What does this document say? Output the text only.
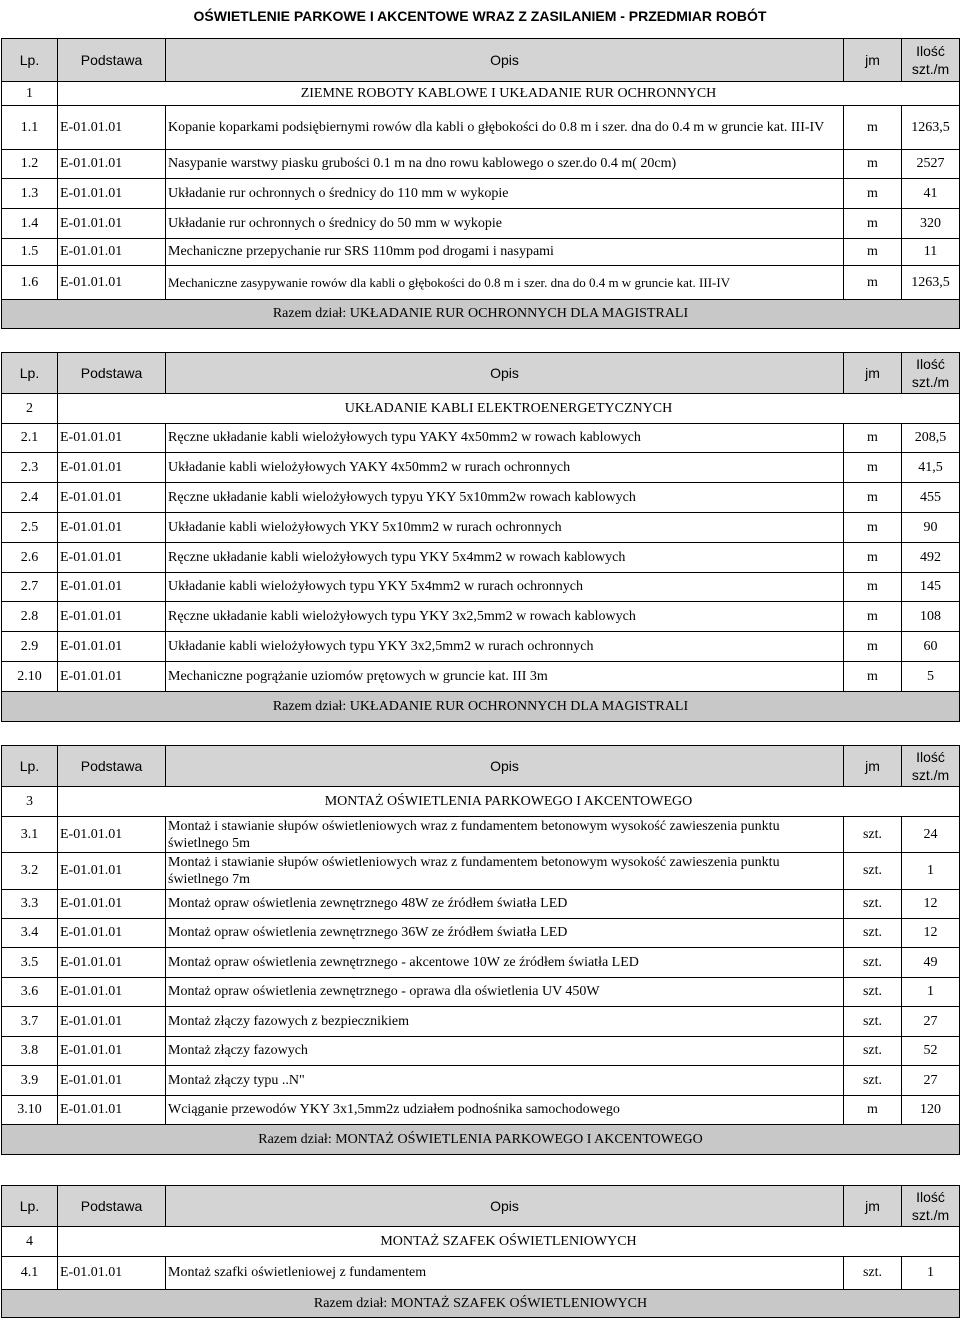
OŚWIETLENIE PARKOWE I AKCENTOWE WRAZ Z ZASILANIEM - PRZEDMIAR ROBÓT
Lp.	Podstawa	Opis	jm	Ilość
szt./m

1	ZIEMNE ROBOTY KABLOWE I UKŁADANIE RUR OCHRONNYCH			
1.1	E-01.01.01	Kopanie koparkami podsiębiernymi rowów dla kabli o głębokości do 0.8 m i szer. dna do 0.4 m w gruncie kat. III-IV	m	1263,5

1.2	E-01.01.01	Nasypanie warstwy piasku grubości 0.1 m na dno rowu kablowego o szer.do 0.4 m( 20cm)	m	2527
1.3	E-01.01.01	Układanie rur ochronnych o średnicy do 110 mm w wykopie	m	41
1.4	E-01.01.01	Układanie rur ochronnych o średnicy do 50 mm w wykopie	m	320
1.5	E-01.01.01	Mechaniczne przepychanie rur SRS 110mm pod drogami i nasypami	m	11
1.6	E-01.01.01	Mechaniczne zasypywanie rowów dla kabli o głębokości do 0.8 m i szer. dna do 0.4 m w gruncie kat. III-IV	m	1263,5
Razem dział: UKŁADANIE RUR OCHRONNYCH DLA MAGISTRALI				
Lp.	Podstawa	Opis	jm	Ilość
szt./m

2	UKŁADANIE KABLI ELEKTROENERGETYCZNYCH			
2.1	E-01.01.01	Ręczne układanie kabli wielożyłowych typu YAKY 4x50mm2 w rowach kablowych	m	208,5
2.3	E-01.01.01	Układanie kabli wielożyłowych YAKY 4x50mm2 w rurach ochronnych	m	41,5
2.4	E-01.01.01	Ręczne układanie kabli wielożyłowych typyu YKY 5x10mm2w rowach kablowych	m	455
2.5	E-01.01.01	Układanie kabli wielożyłowych YKY 5x10mm2 w rurach ochronnych	m	90
2.6	E-01.01.01	Ręczne układanie kabli wielożyłowych typu YKY 5x4mm2 w rowach kablowych	m	492
2.7	E-01.01.01	Układanie kabli wielożyłowych typu YKY 5x4mm2 w rurach ochronnych	m	145
2.8	E-01.01.01	Ręczne układanie kabli wielożyłowych typu YKY 3x2,5mm2 w rowach kablowych	m	108
2.9	E-01.01.01	Układanie kabli wielożyłowych typu YKY 3x2,5mm2 w rurach ochronnych	m	60
2.10	E-01.01.01	Mechaniczne pogrążanie uziomów prętowych w gruncie kat. III 3m	m	5
Razem dział: UKŁADANIE RUR OCHRONNYCH DLA MAGISTRALI				
Lp.	Podstawa	Opis	jm	Ilość
szt./m

3	MONTAŻ OŚWIETLENIA PARKOWEGO I AKCENTOWEGO			
3.1	E-01.01.01	Montaż i stawianie słupów oświetleniowych wraz z fundamentem betonowym wysokość zawieszenia punktu świetlnego 5m	szt.	24
3.2	E-01.01.01	Montaż i stawianie słupów oświetleniowych wraz z fundamentem betonowym wysokość zawieszenia punktu świetlnego 7m	szt.	1
3.3	E-01.01.01	Montaż opraw oświetlenia zewnętrznego 48W ze źródłem światła LED	szt.	12
3.4	E-01.01.01	Montaż opraw oświetlenia zewnętrznego 36W ze źródłem światła LED	szt.	12
3.5	E-01.01.01	Montaż opraw oświetlenia zewnętrznego - akcentowe 10W ze źródłem światła LED	szt.	49
3.6	E-01.01.01	Montaż opraw oświetlenia zewnętrznego - oprawa dla oświetlenia UV 450W	szt.	1
3.7	E-01.01.01	Montaż złączy fazowych z bezpiecznikiem	szt.	27
3.8	E-01.01.01	Montaż złączy fazowych	szt.	52
3.9	E-01.01.01	Montaż złączy typu ..N"	szt.	27
3.10	E-01.01.01	Wciąganie przewodów YKY 3x1,5mm2z udziałem podnośnika samochodowego	m	120
Razem dział: MONTAŻ OŚWIETLENIA PARKOWEGO I AKCENTOWEGO				
Lp.	Podstawa	Opis	jm	Ilość
szt./m

4	MONTAŻ SZAFEK OŚWIETLENIOWYCH			
4.1	E-01.01.01	Montaż szafki oświetleniowej z fundamentem	szt.	1
Razem dział: MONTAŻ SZAFEK OŚWIETLENIOWYCH				
